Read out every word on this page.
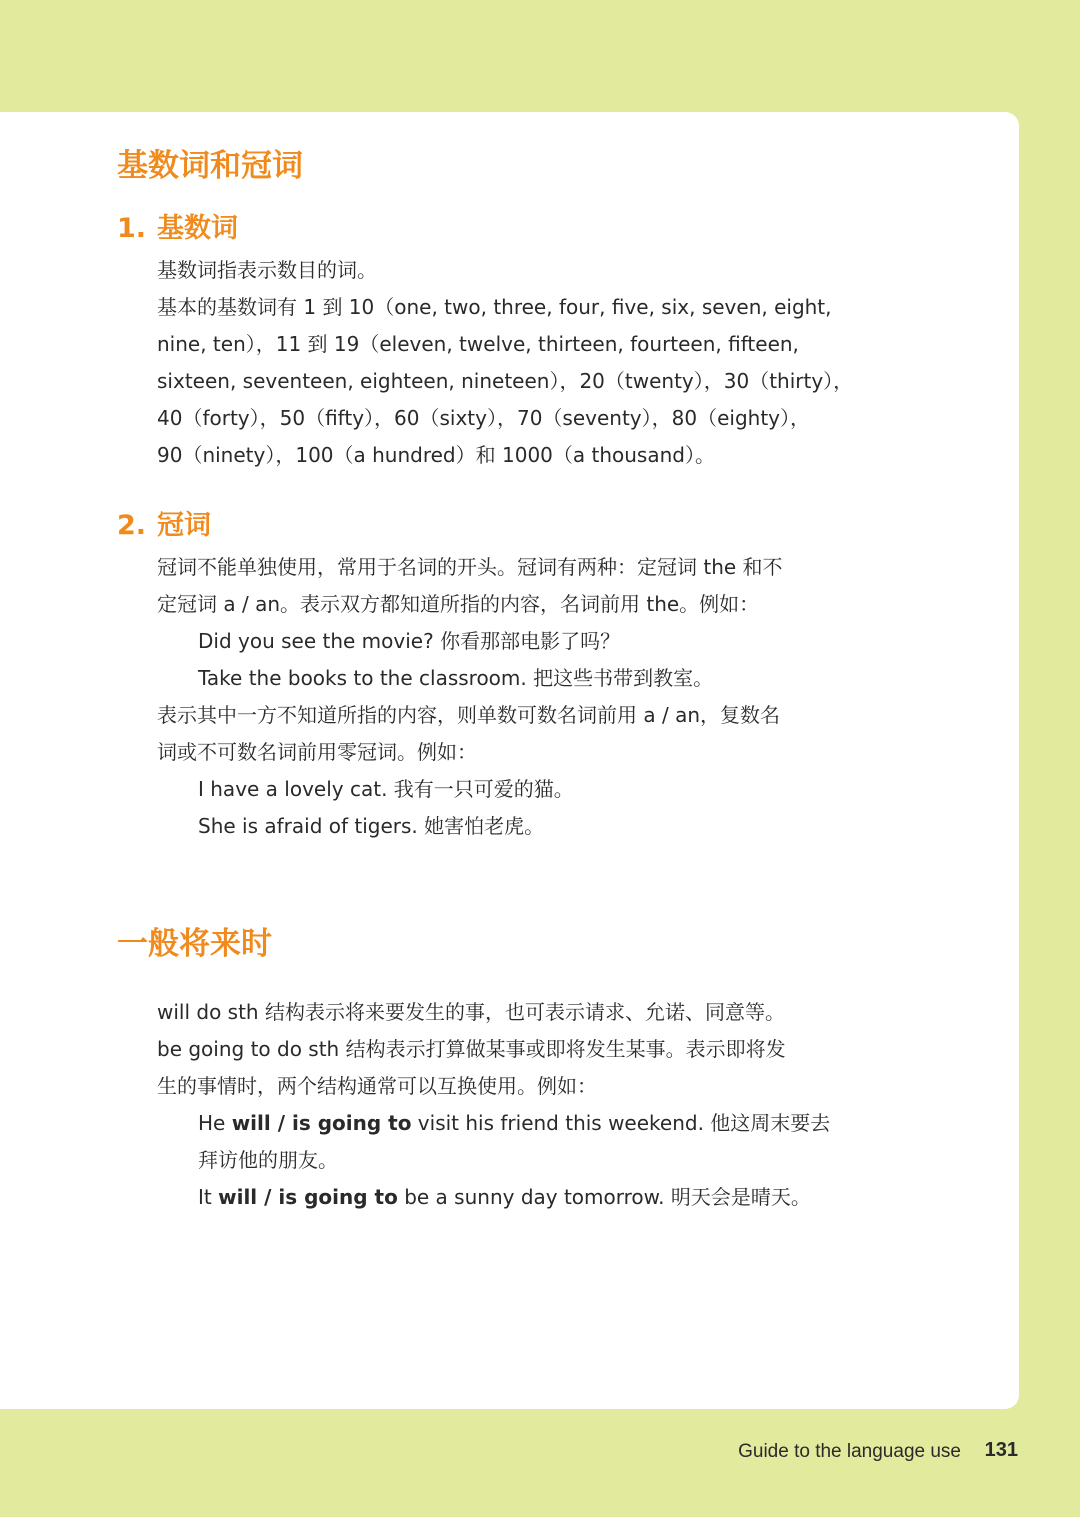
基数词和冠词
1. 基数词
基数词指表示数目的词。
基本的基数词有 1 到 10（one, two, three, four, five, six, seven, eight,
nine, ten），11 到 19（eleven, twelve, thirteen, fourteen, fifteen,
sixteen, seventeen, eighteen, nineteen），20（twenty），30（thirty），
40（forty），50（fifty），60（sixty），70（seventy），80（eighty），
90（ninety），100（a hundred）和 1000（a thousand）。
2. 冠词
冠词不能单独使用，常用于名词的开头。冠词有两种：定冠词 the 和不
定冠词 a / an。表示双方都知道所指的内容，名词前用 the。例如：
Did you see the movie? 你看那部电影了吗？
Take the books to the classroom. 把这些书带到教室。
表示其中一方不知道所指的内容，则单数可数名词前用 a / an，复数名
词或不可数名词前用零冠词。例如：
I have a lovely cat. 我有一只可爱的猫。
She is afraid of tigers. 她害怕老虎。
一般将来时
will do sth 结构表示将来要发生的事，也可表示请求、允诺、同意等。
be going to do sth 结构表示打算做某事或即将发生某事。表示即将发
生的事情时，两个结构通常可以互换使用。例如：
He will / is going to visit his friend this weekend. 他这周末要去
拜访他的朋友。
It will / is going to be a sunny day tomorrow. 明天会是晴天。
Guide to the language use 131
